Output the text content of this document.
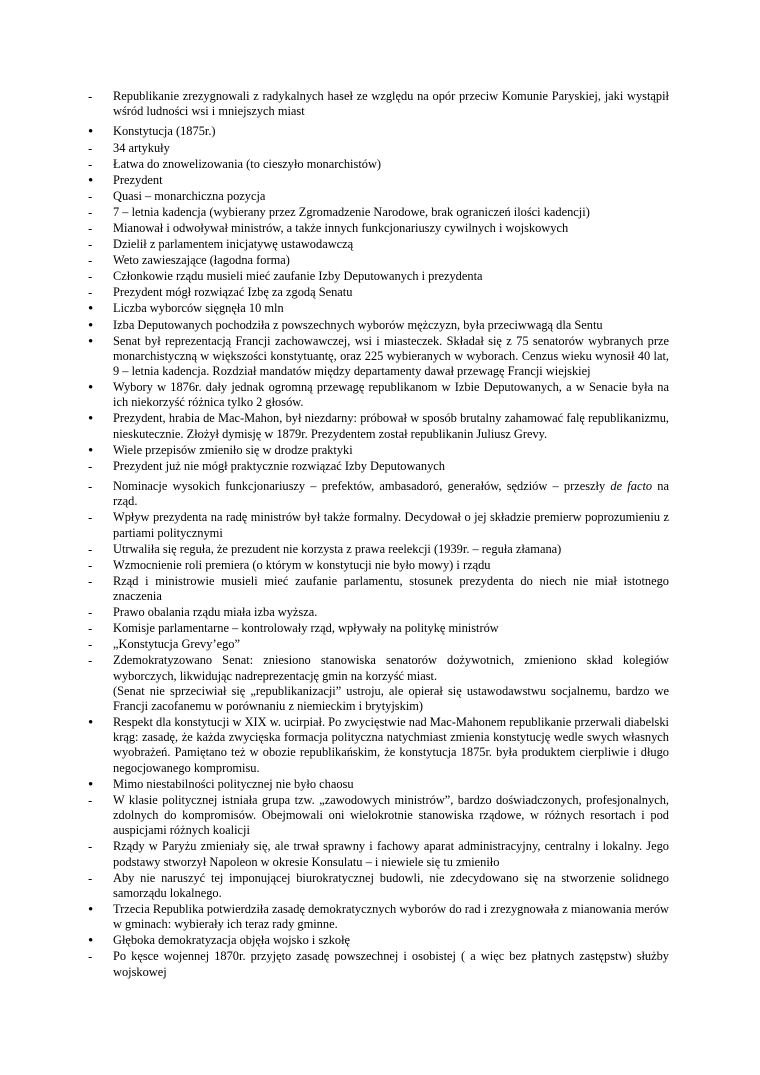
-	Republikanie zrezygnowali z radykalnych haseł ze względu na opór przeciw Komunie Paryskiej, jaki wystąpił wśród ludności wsi i mniejszych miast
•	Konstytucja (1875r.)
-	34 artykuły
-	Łatwa do znowelizowania (to cieszyło monarchistów)
•	Prezydent
-	Quasi – monarchiczna pozycja
-	7 – letnia kadencja (wybierany przez Zgromadzenie Narodowe, brak ograniczeń ilości kadencji)
-	Mianował i odwoływał ministrów, a także innych funkcjonariuszy cywilnych i wojskowych
-	Dzielił z parlamentem inicjatywę ustawodawczą
-	Weto zawieszające (łagodna forma)
-	Członkowie rządu musieli mieć zaufanie Izby Deputowanych i prezydenta
-	Prezydent mógł rozwiązać Izbę za zgodą Senatu
•	Liczba wyborców sięgnęła 10 mln
•	Izba Deputowanych pochodziła z powszechnych wyborów mężczyzn, była przeciwwagą dla Sentu
•	Senat był reprezentacją Francji zachowawczej, wsi i miasteczek. Składał się z 75 senatorów wybranych prze monarchistyczną w większości konstytuantę, oraz 225 wybieranych w wyborach. Cenzus wieku wynosił 40 lat, 9 – letnia kadencja. Rozdział mandatów między departamenty dawał przewagę Francji wiejskiej
•	Wybory w 1876r. dały jednak ogromną przewagę republikanom w Izbie Deputowanych, a w Senacie była na ich niekorzyść różnica tylko 2 głosów.
•	Prezydent, hrabia de Mac-Mahon, był niezdarny: próbował w sposób brutalny zahamować falę republikanizmu, nieskutecznie. Złożył dymisję w 1879r. Prezydentem został republikanin Juliusz Grevy.
•	Wiele przepisów zmieniło się w drodze praktyki
-	Prezydent już nie mógł praktycznie rozwiązać Izby Deputowanych
-	Nominacje wysokich funkcjonariuszy – prefektów, ambasadoró, generałów, sędziów – przeszły de facto na rząd.
-	Wpływ prezydenta na radę ministrów był także formalny. Decydował o jej składzie premierw poprozumieniu z partiami politycznymi
-	Utrwaliła się reguła, że prezudent nie korzysta z prawa reelekcji (1939r. – reguła złamana)
-	Wzmocnienie roli premiera (o którym w konstytucji nie było mowy) i rządu
-	Rząd i ministrowie musieli mieć zaufanie parlamentu, stosunek prezydenta do niech nie miał istotnego znaczenia
-	Prawo obalania rządu miała izba wyższa.
-	Komisje parlamentarne – kontrolowały rząd, wpływały na politykę ministrów
-	„Konstytucja Grevy’ego”
-	Zdemokratyzowano Senat: zniesiono stanowiska senatorów dożywotnich, zmieniono skład kolegiów wyborczych, likwidując nadreprezentację gmin na korzyść miast.
(Senat nie sprzeciwiał się „republikanizacji” ustroju, ale opierał się ustawodawstwu socjalnemu, bardzo we Francji zacofanemu w porównaniu z niemieckim i brytyjskim)
•	Respekt dla konstytucji w XIX w. ucirpiał. Po zwycięstwie nad Mac-Mahonem republikanie przerwali diabelski krąg: zasadę, że każda zwycięska formacja polityczna natychmiast zmienia konstytucję wedle swych własnych wyobrażeń. Pamiętano też w obozie republikańskim, że konstytucja 1875r. była produktem cierpliwie i długo negocjowanego kompromisu.
•	Mimo niestabilności politycznej nie było chaosu
-	W klasie politycznej istniała grupa tzw. „zawodowych ministrów”, bardzo doświadczonych, profesjonalnych, zdolnych do kompromisów. Obejmowali oni wielokrotnie stanowiska rządowe, w różnych resortach i pod auspicjami różnych koalicji
-	Rządy w Paryżu zmieniały się, ale trwał sprawny i fachowy aparat administracyjny, centralny i lokalny. Jego podstawy stworzył Napoleon w okresie Konsulatu – i niewiele się tu zmieniło
-	Aby nie naruszyć tej imponującej biurokratycznej budowli, nie zdecydowano się na stworzenie solidnego samorządu lokalnego.
•	Trzecia Republika potwierdziła zasadę demokratycznych wyborów do rad i zrezygnowała z mianowania merów w gminach: wybierały ich teraz rady gminne.
•	Głęboka demokratyzacja objęła wojsko i szkołę
-	Po kęsce wojennej 1870r. przyjęto zasadę powszechnej i osobistej ( a więc bez płatnych zastępstw) służby wojskowej
